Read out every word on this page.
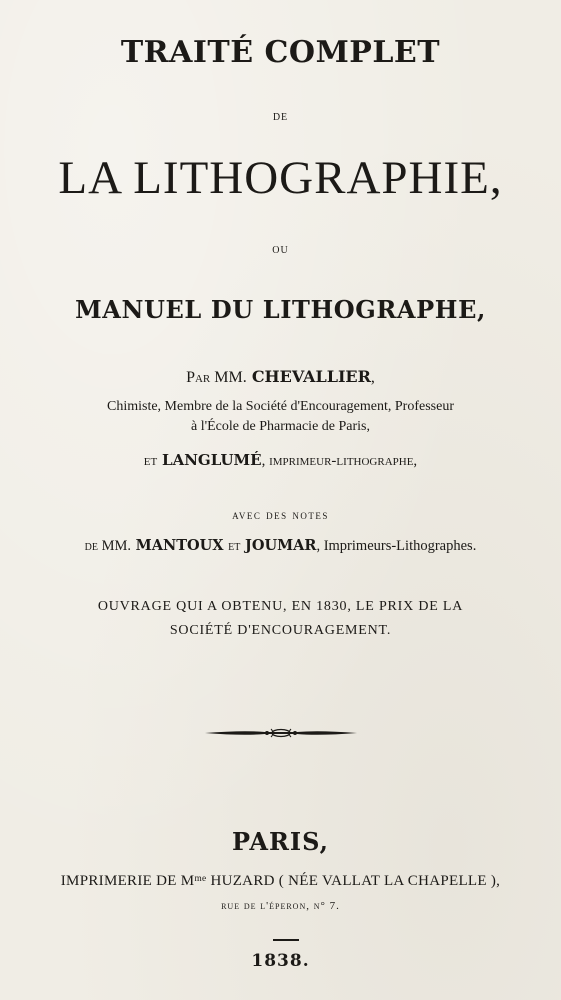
TRAITÉ COMPLET
DE
LA LITHOGRAPHIE,
OU
MANUEL DU LITHOGRAPHE,
Par MM. CHEVALLIER,
Chimiste, Membre de la Société d'Encouragement, Professeur
à l'École de Pharmacie de Paris,
et LANGLUMÉ, imprimeur-lithographe,
avec des notes
de MM. MANTOUX et JOUMAR, Imprimeurs-Lithographes.
OUVRAGE QUI A OBTENU, EN 1830, LE PRIX DE LA
SOCIÉTÉ D'ENCOURAGEMENT.
PARIS,
IMPRIMERIE DE $M^{me}$ HUZARD ( NÉE VALLAT LA CHAPELLE ),
rue de l'éperon, n° 7.
1838.
